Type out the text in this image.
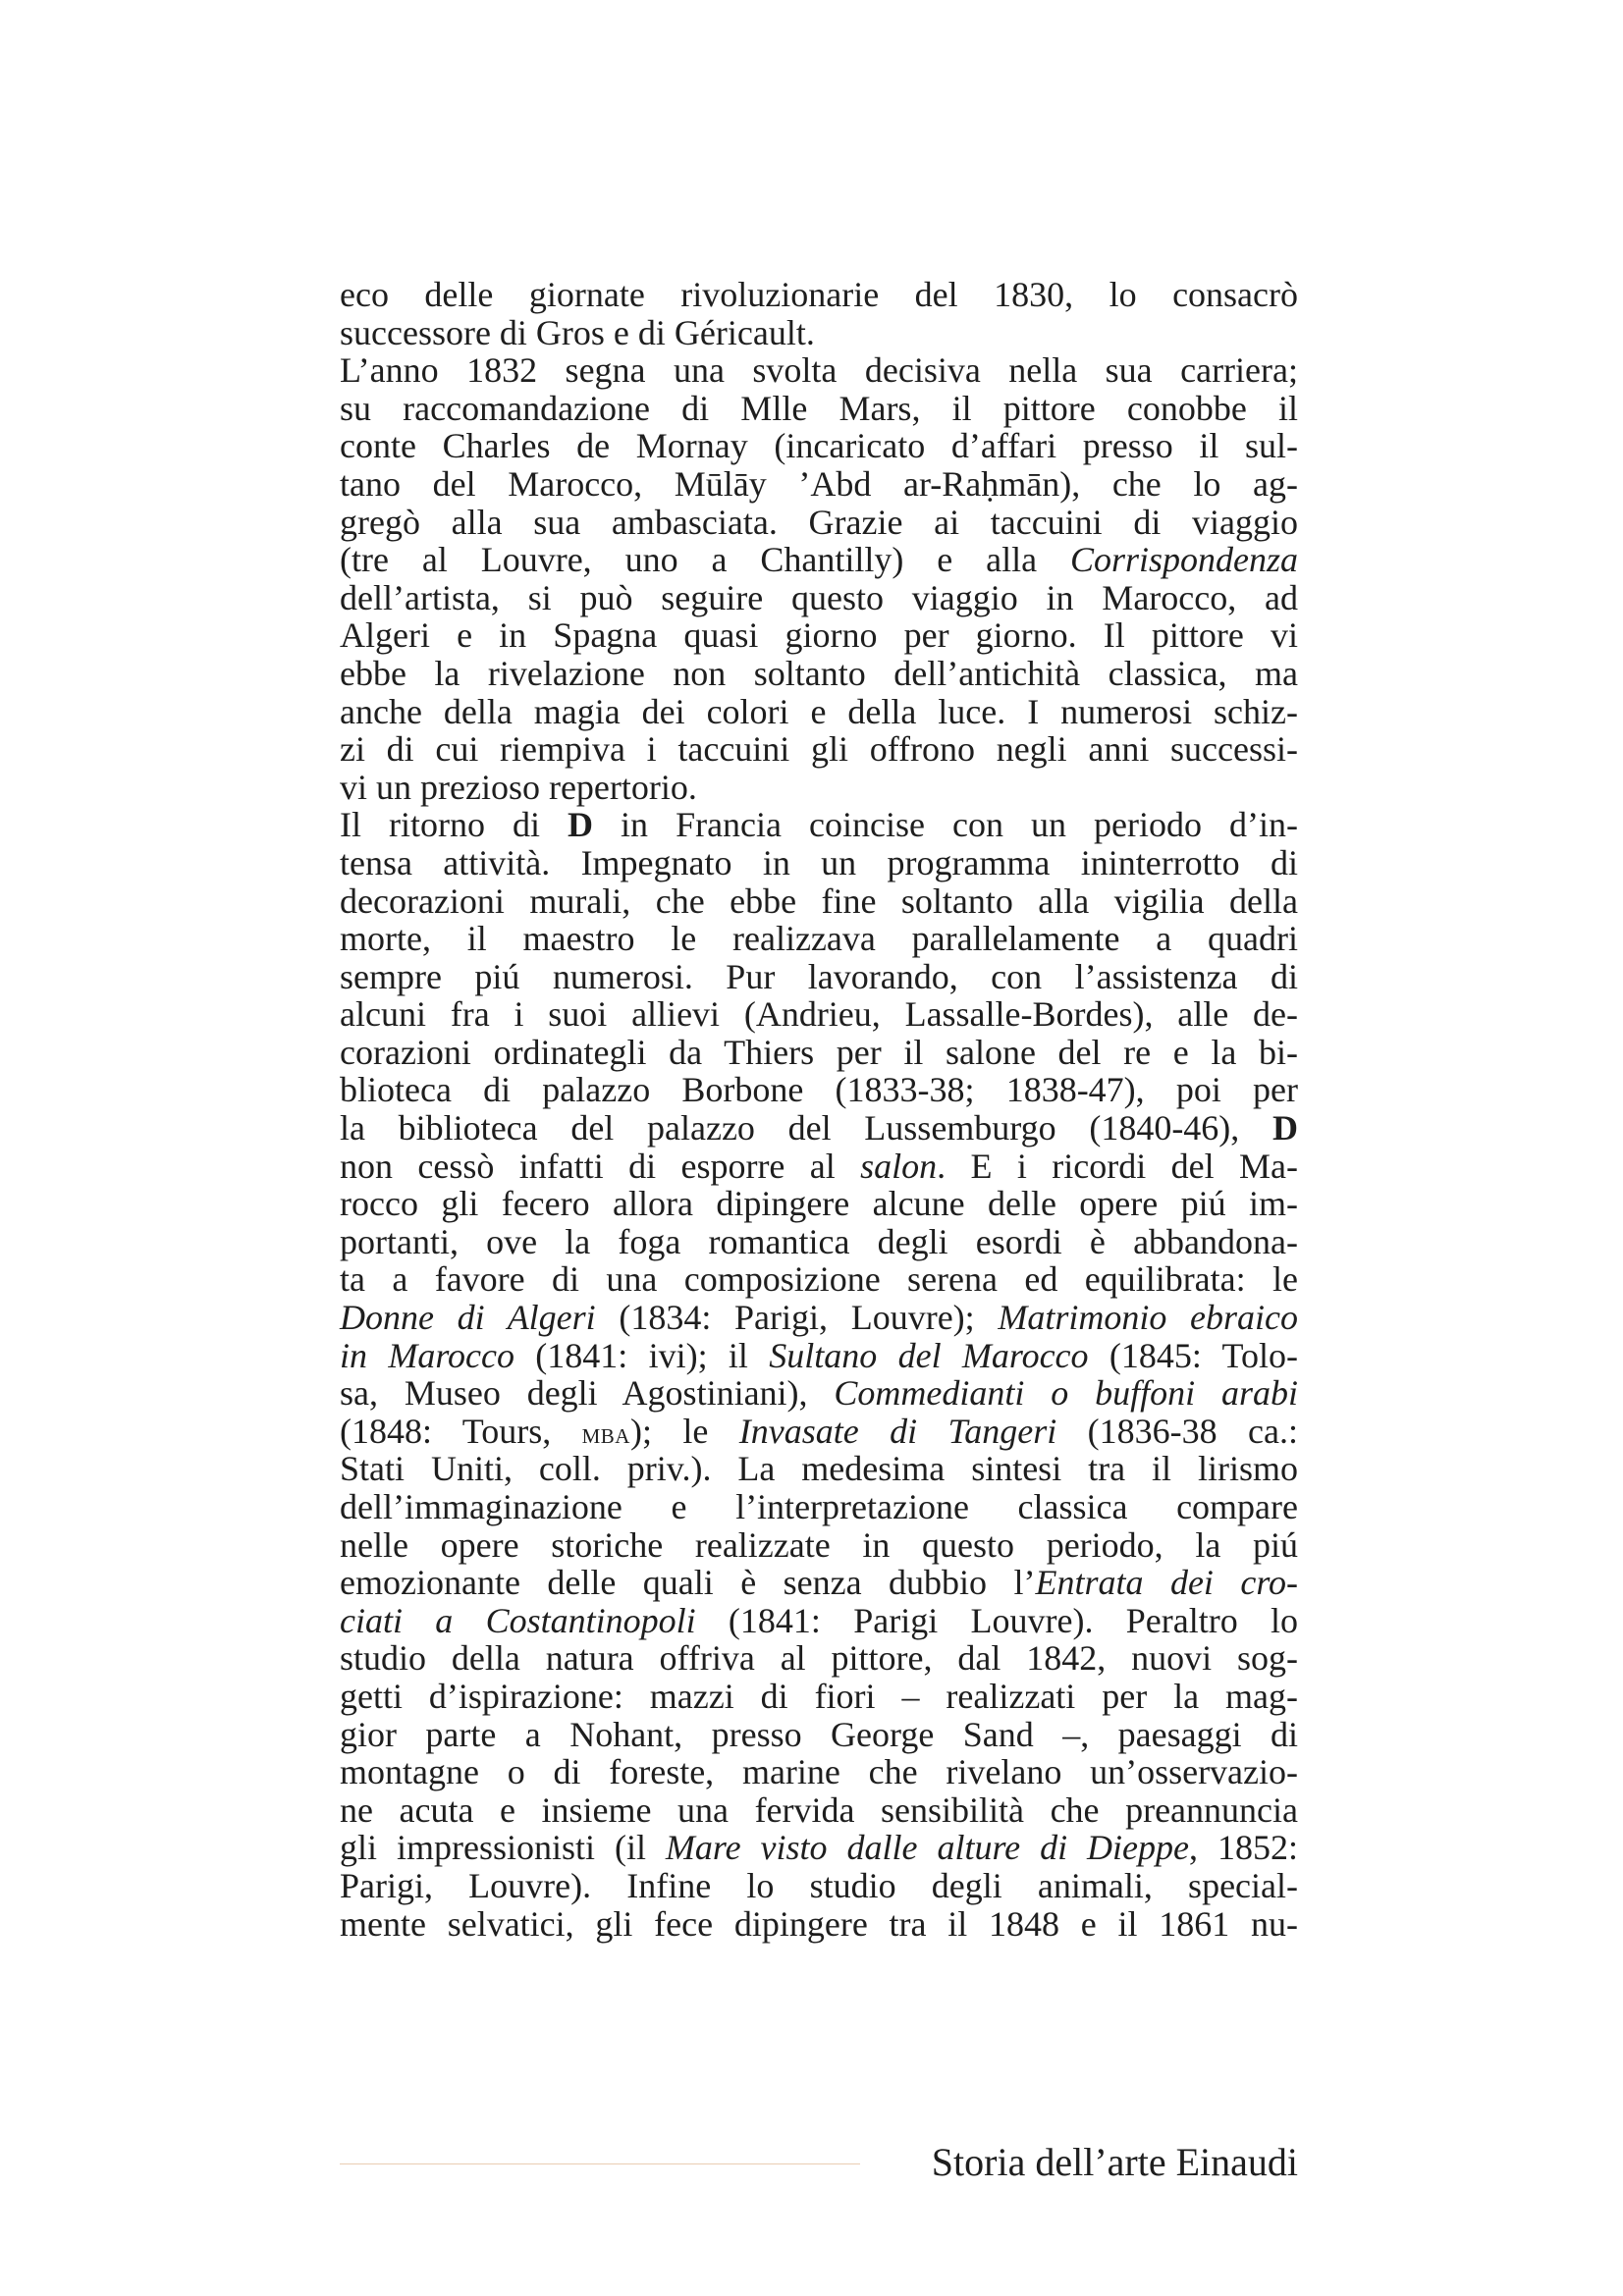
eco delle giornate rivoluzionarie del 1830, lo consacrò
successore di Gros e di Géricault.
L’anno 1832 segna una svolta decisiva nella sua carriera;
su raccomandazione di Mlle Mars, il pittore conobbe il
conte Charles de Mornay (incaricato d’affari presso il sul-
tano del Marocco, Mūlāy ’Abd ar-Raḥmān), che lo ag-
gregò alla sua ambasciata. Grazie ai taccuini di viaggio
(tre al Louvre, uno a Chantilly) e alla Corrispondenza
dell’artista, si può seguire questo viaggio in Marocco, ad
Algeri e in Spagna quasi giorno per giorno. Il pittore vi
ebbe la rivelazione non soltanto dell’antichità classica, ma
anche della magia dei colori e della luce. I numerosi schiz-
zi di cui riempiva i taccuini gli offrono negli anni successi-
vi un prezioso repertorio.
Il ritorno di D in Francia coincise con un periodo d’in-
tensa attività. Impegnato in un programma ininterrotto di
decorazioni murali, che ebbe fine soltanto alla vigilia della
morte, il maestro le realizzava parallelamente a quadri
sempre piú numerosi. Pur lavorando, con l’assistenza di
alcuni fra i suoi allievi (Andrieu, Lassalle-Bordes), alle de-
corazioni ordinategli da Thiers per il salone del re e la bi-
blioteca di palazzo Borbone (1833-38; 1838-47), poi per
la biblioteca del palazzo del Lussemburgo (1840-46), D
non cessò infatti di esporre al salon. E i ricordi del Ma-
rocco gli fecero allora dipingere alcune delle opere piú im-
portanti, ove la foga romantica degli esordi è abbandona-
ta a favore di una composizione serena ed equilibrata: le
Donne di Algeri (1834: Parigi, Louvre); Matrimonio ebraico
in Marocco (1841: ivi); il Sultano del Marocco (1845: Tolo-
sa, Museo degli Agostiniani), Commedianti o buffoni arabi
(1848: Tours, mba); le Invasate di Tangeri (1836-38 ca.:
Stati Uniti, coll. priv.). La medesima sintesi tra il lirismo
dell’immaginazione e l’interpretazione classica compare
nelle opere storiche realizzate in questo periodo, la piú
emozionante delle quali è senza dubbio l’Entrata dei cro-
ciati a Costantinopoli (1841: Parigi Louvre). Peraltro lo
studio della natura offriva al pittore, dal 1842, nuovi sog-
getti d’ispirazione: mazzi di fiori – realizzati per la mag-
gior parte a Nohant, presso George Sand –, paesaggi di
montagne o di foreste, marine che rivelano un’osservazio-
ne acuta e insieme una fervida sensibilità che preannuncia
gli impressionisti (il Mare visto dalle alture di Dieppe, 1852:
Parigi, Louvre). Infine lo studio degli animali, special-
mente selvatici, gli fece dipingere tra il 1848 e il 1861 nu-
Storia dell’arte Einaudi
